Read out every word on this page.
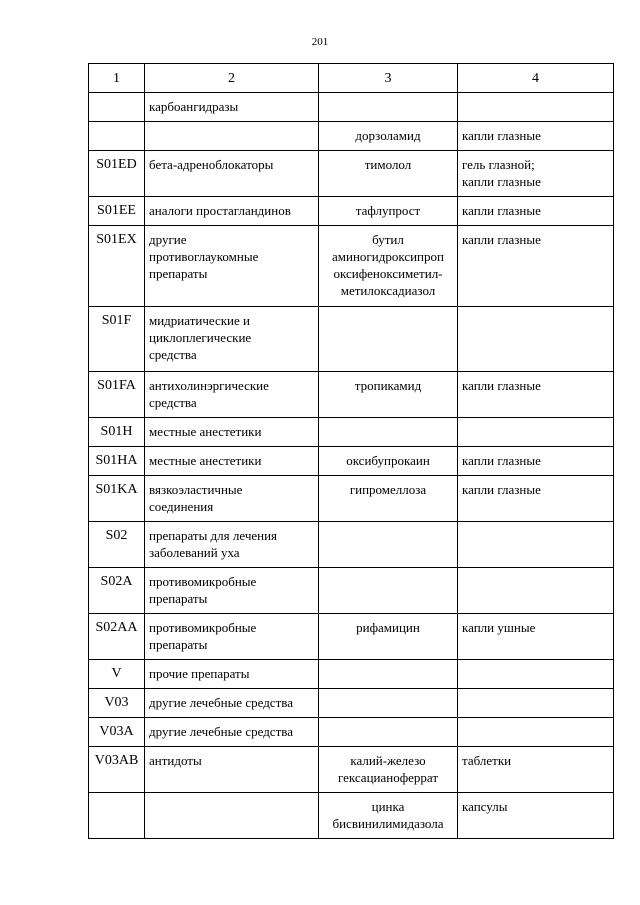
201
1	2	3	4

	карбоангидразы		

		дорзоламид	капли глазные

S01ED	бета-адреноблокаторы	тимолол	гель глазной;
капли глазные

S01EE	аналоги простагландинов	тафлупрост	капли глазные

S01EX	другие
противоглаукомные
препараты	бутил
аминогидроксипроп
оксифеноксиметил-
метилоксадиазол	капли глазные

S01F	мидриатические и
циклоплегические
средства		

S01FA	антихолинэргические
средства	тропикамид	капли глазные

S01H	местные анестетики		

S01HA	местные анестетики	оксибупрокаин	капли глазные

S01KA	вязкоэластичные
соединения	гипромеллоза	капли глазные

S02	препараты для лечения
заболеваний уха		

S02A	противомикробные
препараты		

S02AA	противомикробные
препараты	рифамицин	капли ушные

V	прочие препараты		

V03	другие лечебные средства		

V03A	другие лечебные средства		

V03AB	антидоты	калий-железо
гексацианоферрат	таблетки

		цинка
бисвинилимидазола	капсулы
